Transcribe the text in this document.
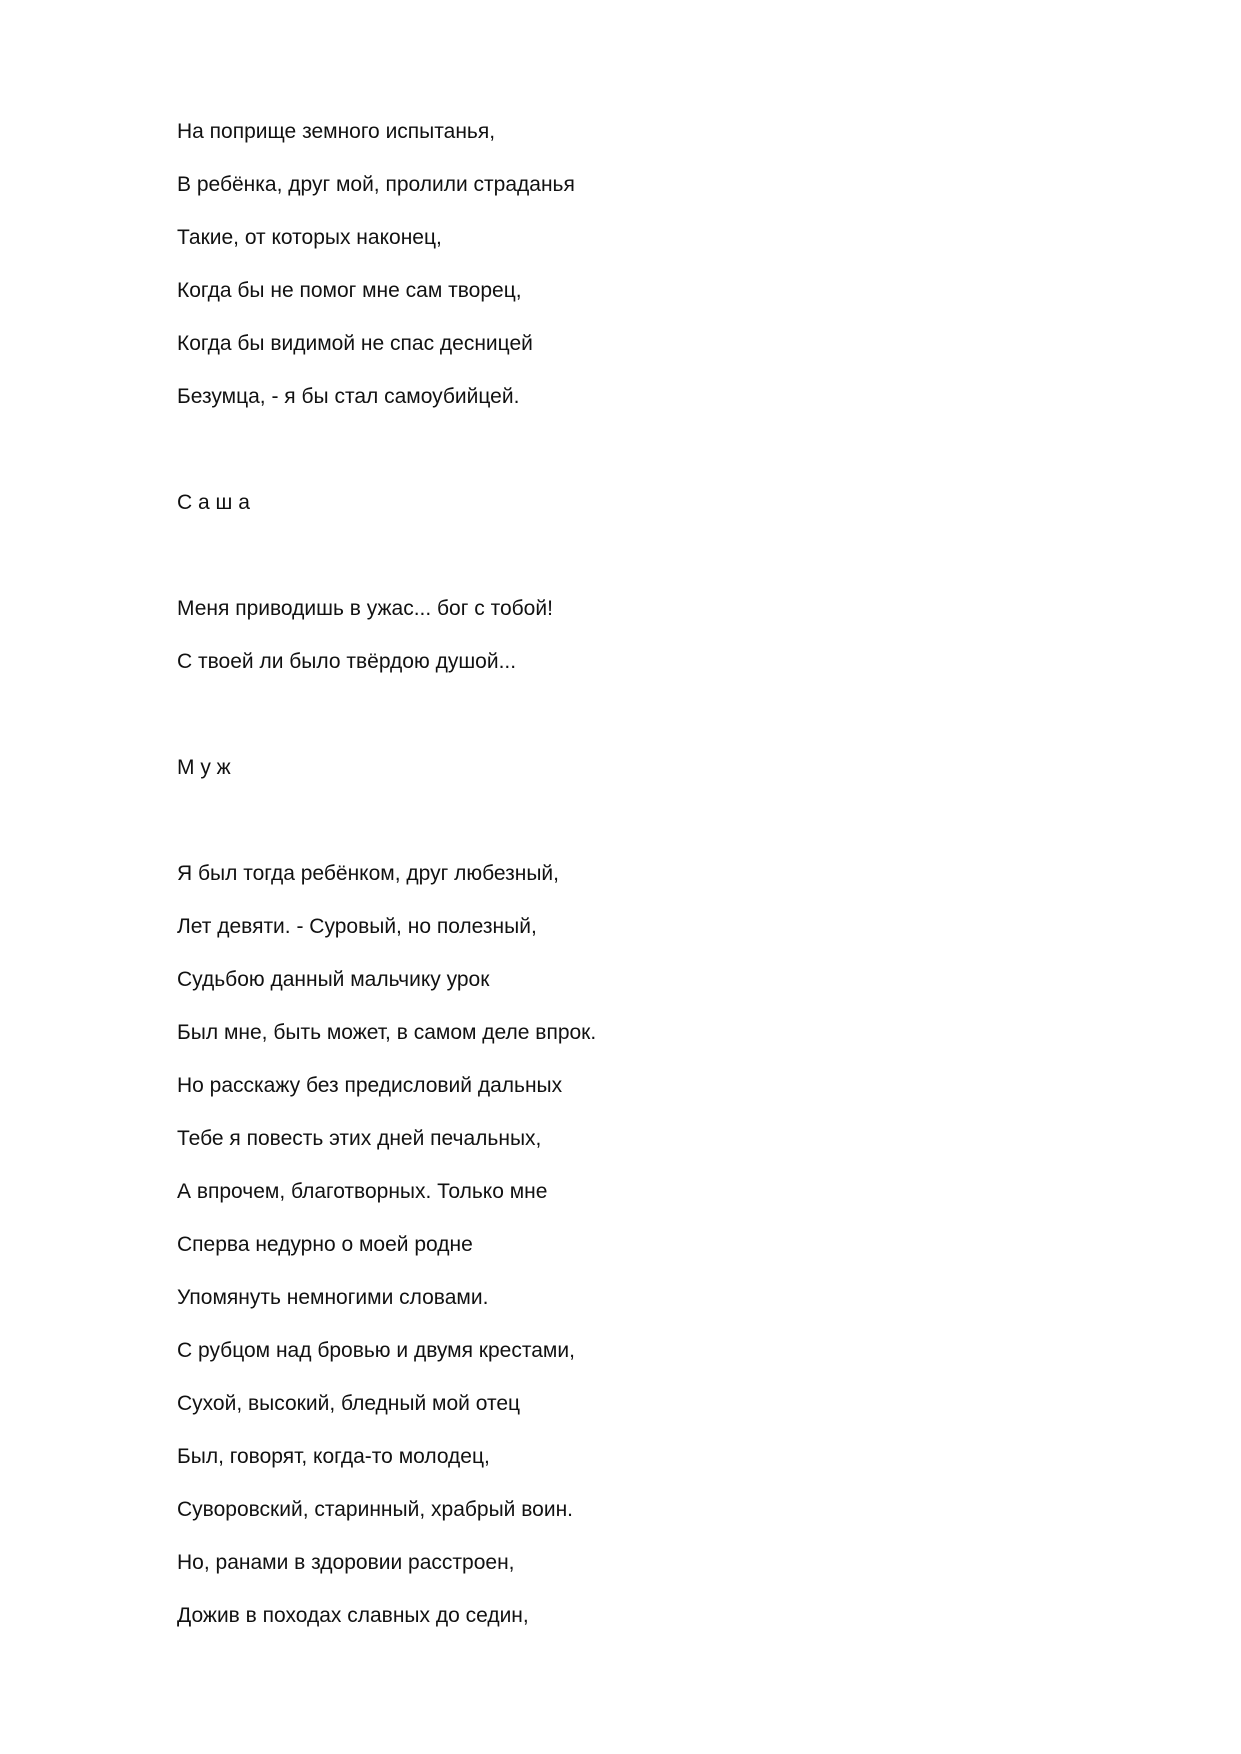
На поприще земного испытанья,
В ребёнка, друг мой, пролили страданья
Такие, от которых наконец,
Когда бы не помог мне сам творец,
Когда бы видимой не спас десницей
Безумца, - я бы стал самоубийцей.
С а ш а
Меня приводишь в ужас... бог с тобой!
С твоей ли было твёрдою душой...
М у ж
Я был тогда ребёнком, друг любезный,
Лет девяти. - Суровый, но полезный,
Судьбою данный мальчику урок
Был мне, быть может, в самом деле впрок.
Но расскажу без предисловий дальных
Тебе я повесть этих дней печальных,
А впрочем, благотворных. Только мне
Сперва недурно о моей родне
Упомянуть немногими словами.
С рубцом над бровью и двумя крестами,
Сухой, высокий, бледный мой отец
Был, говорят, когда-то молодец,
Суворовский, старинный, храбрый воин.
Но, ранами в здоровии расстроен,
Дожив в походах славных до седин,
